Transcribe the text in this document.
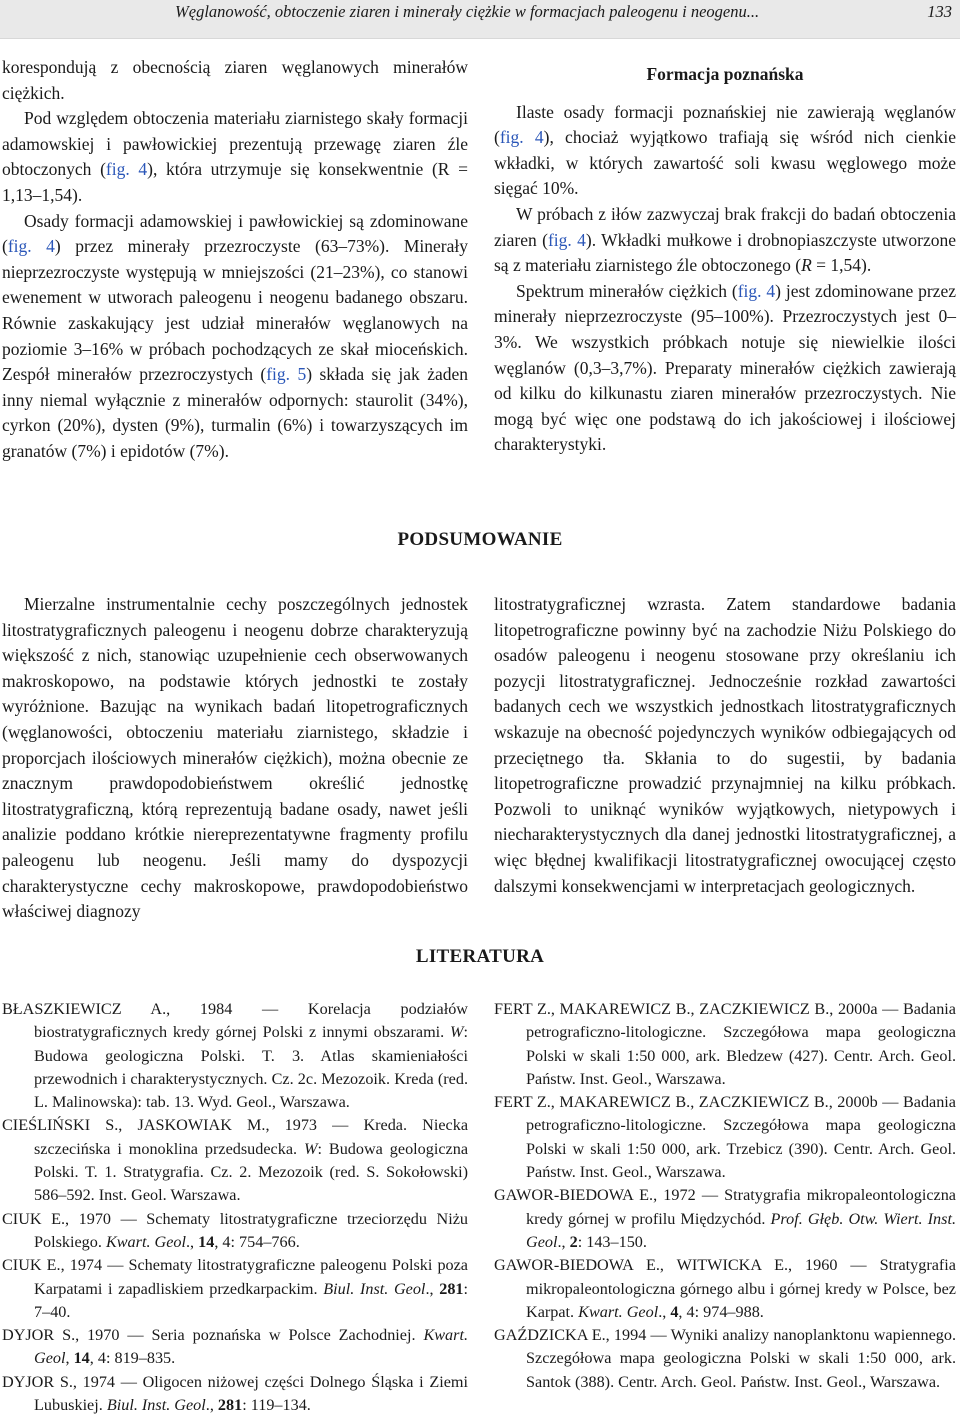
Węglanowość, obtoczenie ziaren i minerały ciężkie w formacjach paleogenu i neogenu...	133

korespondują z obecnością ziaren węglanowych minerałów ciężkich.

Pod względem obtoczenia materiału ziarnistego skały formacji adamowskiej i pawłowickiej prezentują przewagę ziaren źle obtoczonych (fig. 4), która utrzymuje się konsekwentnie (R = 1,13–1,54).

Osady formacji adamowskiej i pawłowickiej są zdominowane (fig. 4) przez minerały przezroczyste (63–73%). Minerały nieprzezroczyste występują w mniejszości (21–23%), co stanowi ewenement w utworach paleogenu i neogenu badanego obszaru. Równie zaskakujący jest udział minerałów węglanowych na poziomie 3–16% w próbach pochodzących ze skał mioceńskich. Zespół minerałów przezroczystych (fig. 5) składa się jak żaden inny niemal wyłącznie z minerałów odpornych: staurolit (34%), cyrkon (20%), dysten (9%), turmalin (6%) i towarzyszących im granatów (7%) i epidotów (7%).

Formacja poznańska

Ilaste osady formacji poznańskiej nie zawierają węglanów (fig. 4), chociaż wyjątkowo trafiają się wśród nich cienkie wkładki, w których zawartość soli kwasu węglowego może sięgać 10%.

W próbach z iłów zazwyczaj brak frakcji do badań obtoczenia ziaren (fig. 4). Wkładki mułkowe i drobnopiaszczyste utworzone są z materiału ziarnistego źle obtoczonego (R = 1,54).

Spektrum minerałów ciężkich (fig. 4) jest zdominowane przez minerały nieprzezroczyste (95–100%). Przezroczystych jest 0–3%. We wszystkich próbkach notuje się niewielkie ilości węglanów (0,3–3,7%). Preparaty minerałów ciężkich zawierają od kilku do kilkunastu ziaren minerałów przezroczystych. Nie mogą być więc one podstawą do ich jakościowej i ilościowej charakterystyki.

PODSUMOWANIE

Mierzalne instrumentalnie cechy poszczególnych jednostek litostratygraficznych paleogenu i neogenu dobrze charakteryzują większość z nich, stanowiąc uzupełnienie cech obserwowanych makroskopowo, na podstawie których jednostki te zostały wyróżnione. Bazując na wynikach badań litopetrograficznych (węglanowości, obtoczeniu materiału ziarnistego, składzie i proporcjach ilościowych minerałów ciężkich), można obecnie ze znacznym prawdopodobieństwem określić jednostkę litostratygraficzną, którą reprezentują badane osady, nawet jeśli analizie poddano krótkie niereprezentatywne fragmenty profilu paleogenu lub neogenu. Jeśli mamy do dyspozycji charakterystyczne cechy makroskopowe, prawdopodobieństwo właściwej diagnozy

litostratygraficznej wzrasta. Zatem standardowe badania litopetrograficzne powinny być na zachodzie Niżu Polskiego do osadów paleogenu i neogenu stosowane przy określaniu ich pozycji litostratygraficznej. Jednocześnie rozkład zawartości badanych cech we wszystkich jednostkach litostratygraficznych wskazuje na obecność pojedynczych wyników odbiegających od przeciętnego tła. Skłania to do sugestii, by badania litopetrograficzne prowadzić przynajmniej na kilku próbkach. Pozwoli to uniknąć wyników wyjątkowych, nietypowych i niecharakterystycznych dla danej jednostki litostratygraficznej, a więc błędnej kwalifikacji litostratygraficznej owocującej często dalszymi konsekwencjami w interpretacjach geologicznych.

LITERATURA

BŁASZKIEWICZ A., 1984 — Korelacja podziałów biostratygraficznych kredy górnej Polski z innymi obszarami. W: Budowa geologiczna Polski. T. 3. Atlas skamieniałości przewodnich i charakterystycznych. Cz. 2c. Mezozoik. Kreda (red. L. Malinowska): tab. 13. Wyd. Geol., Warszawa.

CIEŚLIŃSKI S., JASKOWIAK M., 1973 — Kreda. Niecka szczecińska i monoklina przedsudecka. W: Budowa geologiczna Polski. T. 1. Stratygrafia. Cz. 2. Mezozoik (red. S. Sokołowski) 586–592. Inst. Geol. Warszawa.

CIUK E., 1970 — Schematy litostratygraficzne trzeciorzędu Niżu Polskiego. Kwart. Geol., 14, 4: 754–766.

CIUK E., 1974 — Schematy litostratygraficzne paleogenu Polski poza Karpatami i zapadliskiem przedkarpackim. Biul. Inst. Geol., 281: 7–40.

DYJOR S., 1970 — Seria poznańska w Polsce Zachodniej. Kwart. Geol, 14, 4: 819–835.

DYJOR S., 1974 — Oligocen niżowej części Dolnego Śląska i Ziemi Lubuskiej. Biul. Inst. Geol., 281: 119–134.

FERT Z., MAKAREWICZ B., ZACZKIEWICZ B., 2000a — Badania petrograficzno-litologiczne. Szczegółowa mapa geologiczna Polski w skali 1:50 000, ark. Bledzew (427). Centr. Arch. Geol. Państw. Inst. Geol., Warszawa.

FERT Z., MAKAREWICZ B., ZACZKIEWICZ B., 2000b — Badania petrograficzno-litologiczne. Szczegółowa mapa geologiczna Polski w skali 1:50 000, ark. Trzebicz (390). Centr. Arch. Geol. Państw. Inst. Geol., Warszawa.

GAWOR-BIEDOWA E., 1972 — Stratygrafia mikropaleontologiczna kredy górnej w profilu Międzychód. Prof. Głęb. Otw. Wiert. Inst. Geol., 2: 143–150.

GAWOR-BIEDOWA E., WITWICKA E., 1960 — Stratygrafia mikropaleontologiczna górnego albu i górnej kredy w Polsce, bez Karpat. Kwart. Geol., 4, 4: 974–988.

GAŹDZICKA E., 1994 — Wyniki analizy nanoplanktonu wapiennego. Szczegółowa mapa geologiczna Polski w skali 1:50 000, ark. Santok (388). Centr. Arch. Geol. Państw. Inst. Geol., Warszawa.
